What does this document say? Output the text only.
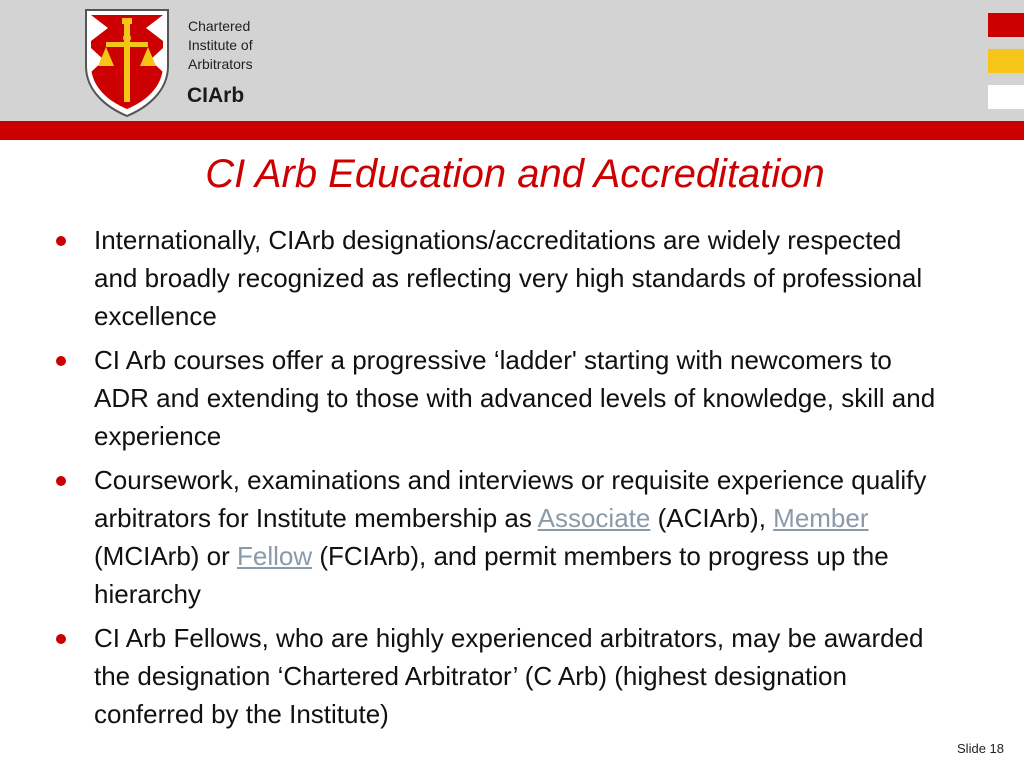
Chartered
Institute of
Arbitrators
CIArb
CI Arb Education and Accreditation
Internationally, CIArb designations/accreditations are widely respected and broadly recognized as reflecting very high standards of professional excellence
CI Arb courses offer a progressive ‘ladder' starting with newcomers to ADR and extending to those with advanced levels of knowledge, skill and experience
Coursework, examinations and interviews or requisite experience qualify arbitrators for Institute membership as Associate (ACIArb), Member (MCIArb) or Fellow (FCIArb), and permit members to progress up the hierarchy
CI Arb Fellows, who are highly experienced arbitrators, may be awarded the designation ‘Chartered Arbitrator’ (C Arb) (highest designation conferred by the Institute)
Slide 18
